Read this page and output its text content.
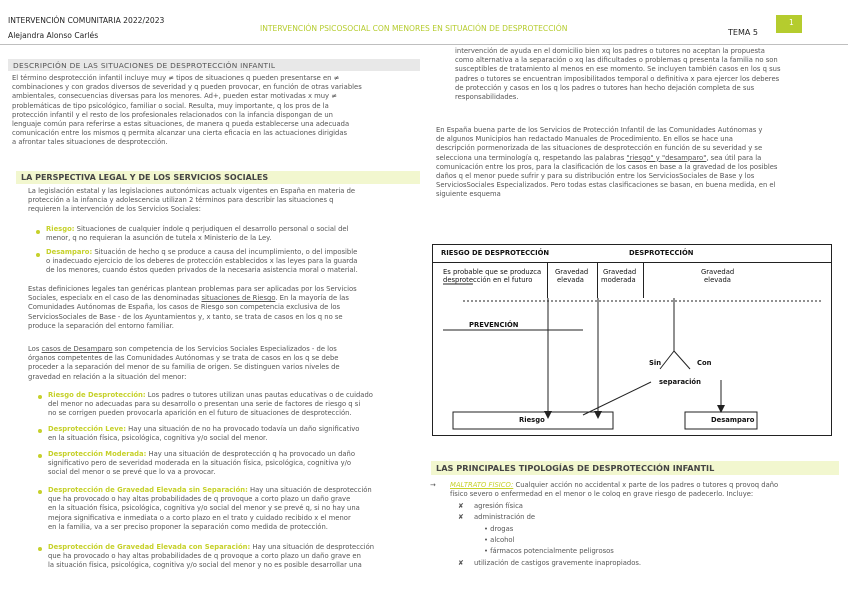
INTERVENCIÓN COMUNITARIA 2022/2023
Alejandra Alonso Carlés
INTERVENCIÓN PSICOSOCIAL CON MENORES EN SITUACIÓN DE DESPROTECCIÓN	TEMA 5
1
DESCRIPCIÓN DE LAS SITUACIONES DE DESPROTECCIÓN INFANTIL
El término desprotección infantil incluye muy ≠ tipos de situaciones q pueden presentarse en ≠
combinaciones y con grados diversos de severidad y q pueden provocar, en función de otras variables
ambientales, consecuencias diversas para los menores. Ad+, pueden estar motivadas x muy ≠
problemáticas de tipo psicológico, familiar o social. Resulta, muy importante, q los pros de la
protección infantil y el resto de los profesionales relacionados con la infancia dispongan de un
lenguaje común para referirse a estas situaciones, de manera q pueda establecerse una adecuada
comunicación entre los mismos q permita alcanzar una cierta eficacia en las actuaciones dirigidas
a afrontar tales situaciones de desprotección.
LA PERSPECTIVA LEGAL Y DE LOS SERVICIOS SOCIALES
La legislación estatal y las legislaciones autonómicas actualx vigentes en España en materia de
protección a la infancia y adolescencia utilizan 2 términos para describir las situaciones q
requieren la intervención de los Servicios Sociales:
Riesgo: Situaciones de cualquier índole q perjudiquen el desarrollo personal o social del
menor, q no requieran la asunción de tutela x Ministerio de la Ley.
Desamparo: Situación de hecho q se produce a causa del incumplimiento, o del imposible
o inadecuado ejercicio de los deberes de protección establecidos x las leyes para la guarda
de los menores, cuando éstos queden privados de la necesaria asistencia moral o material.
Estas definiciones legales tan genéricas plantean problemas para ser aplicadas por los Servicios
Sociales, especialx en el caso de las denominadas situaciones de Riesgo. En la mayoría de las
Comunidades Autónomas de España, los casos de Riesgo son competencia exclusiva de los
ServiciosSociales de Base - de los Ayuntamientos y, x tanto, se trata de casos en los q no se
produce la separación del entorno familiar.
Los casos de Desamparo son competencia de los Servicios Sociales Especializados - de los
órganos competentes de las Comunidades Autónomas y se trata de casos en los q se debe
proceder a la separación del menor de su familia de origen. Se distinguen varios niveles de
gravedad en relación a la situación del menor:
Riesgo de Desprotección: Los padres o tutores utilizan unas pautas educativas o de cuidado
del menor no adecuadas para su desarrollo o presentan una serie de factores de riesgo q si
no se corrigen pueden provocarla aparición en el futuro de situaciones de desprotección.
Desprotección Leve: Hay una situación de no ha provocado todavía un daño significativo
en la situación física, psicológica, cognitiva y/o social del menor.
Desprotección Moderada: Hay una situación de desprotección q ha provocado un daño
significativo pero de severidad moderada en la situación física, psicológica, cognitiva y/o
social del menor o se prevé que lo va a provocar.
Desprotección de Gravedad Elevada sin Separación: Hay una situación de desprotección
que ha provocado o hay altas probabilidades de q provoque a corto plazo un daño grave
en la situación física, psicológica, cognitiva y/o social del menor y se prevé q, si no hay una
mejora significativa e inmediata o a corto plazo en el trato y cuidado recibido x el menor
en la familia, va a ser preciso proponer la separación como medida de protección.
Desprotección de Gravedad Elevada con Separación: Hay una situación de desprotección
que ha provocado o hay altas probabilidades de q provoque a corto plazo un daño grave en
la situación física, psicológica, cognitiva y/o social del menor y no es posible desarrollar una
intervención de ayuda en el domicilio bien xq los padres o tutores no aceptan la propuesta
como alternativa a la separación o xq las dificultades o problemas q presenta la familia no son
susceptibles de tratamiento al menos en ese momento. Se incluyen también casos en los q sus
padres o tutores se encuentran imposibilitados temporal o definitiva x para ejercer los deberes
de protección y casos en los q los padres o tutores han hecho dejación completa de sus
responsabilidades.
En España buena parte de los Servicios de Protección Infantil de las Comunidades Autónomas y
de algunos Municipios han redactado Manuales de Procedimiento. En ellos se hace una
descripción pormenorizada de las situaciones de desprotección en función de su severidad y se
selecciona una terminología q, respetando las palabras "riesgo" y "desamparo", sea útil para la
comunicación entre los pros, para la clasificación de los casos en base a la gravedad de los posibles
daños q el menor puede sufrir y para su distribución entre los ServiciosSociales de Base y los
ServiciosSociales Especializados. Pero todas estas clasificaciones se basan, en buena medida, en el
siguiente esquema
RIESGO DE DESPROTECCIÓN	DESPROTECCIÓN
Es probable que se produzca
desprotección en el futuro
Gravedad
elevada
Gravedad
moderada
Gravedad
elevada
PREVENCIÓN
Sin	Con
separación
Riesgo	Desamparo
LAS PRINCIPALES TIPOLOGÍAS DE DESPROTECCIÓN INFANTIL
→ MALTRATO FÍSICO: Cualquier acción no accidental x parte de los padres o tutores q provoq daño
físico severo o enfermedad en el menor o le coloq en grave riesgo de padecerlo. Incluye:
✘ agresión física
✘ administración de
• drogas
• alcohol
• fármacos potencialmente peligrosos
✘ utilización de castigos gravemente inapropiados.
